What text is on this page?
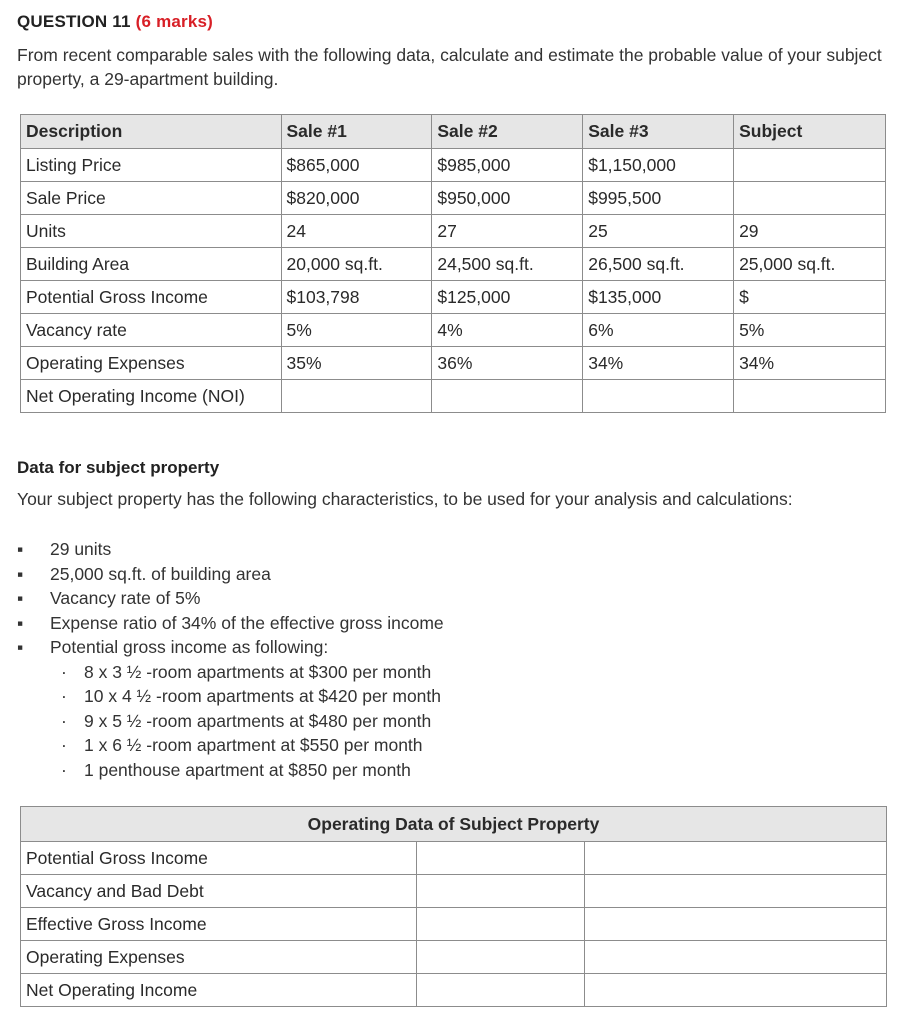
QUESTION 11 (6 marks)
From recent comparable sales with the following data, calculate and estimate the probable value of your subject property, a 29-apartment building.
Description	Sale #1	Sale #2	Sale #3	Subject
Listing Price	$865,000	$985,000	$1,150,000	
Sale Price	$820,000	$950,000	$995,500	
Units	24	27	25	29
Building Area	20,000 sq.ft.	24,500 sq.ft.	26,500 sq.ft.	25,000 sq.ft.
Potential Gross Income	$103,798	$125,000	$135,000	$
Vacancy rate	5%	4%	6%	5%
Operating Expenses	35%	36%	34%	34%
Net Operating Income (NOI)				
Data for subject property
Your subject property has the following characteristics, to be used for your analysis and calculations:
▪ 29 units
▪ 25,000 sq.ft. of building area
▪ Vacancy rate of 5%
▪ Expense ratio of 34% of the effective gross income
▪ Potential gross income as following:
· 8 x 3 ½ -room apartments at $300 per month
· 10 x 4 ½ -room apartments at $420 per month
· 9 x 5 ½ -room apartments at $480 per month
· 1 x 6 ½ -room apartment at $550 per month
· 1 penthouse apartment at $850 per month
Operating Data of Subject Property		
Potential Gross Income		
Vacancy and Bad Debt		
Effective Gross Income		
Operating Expenses		
Net Operating Income		
